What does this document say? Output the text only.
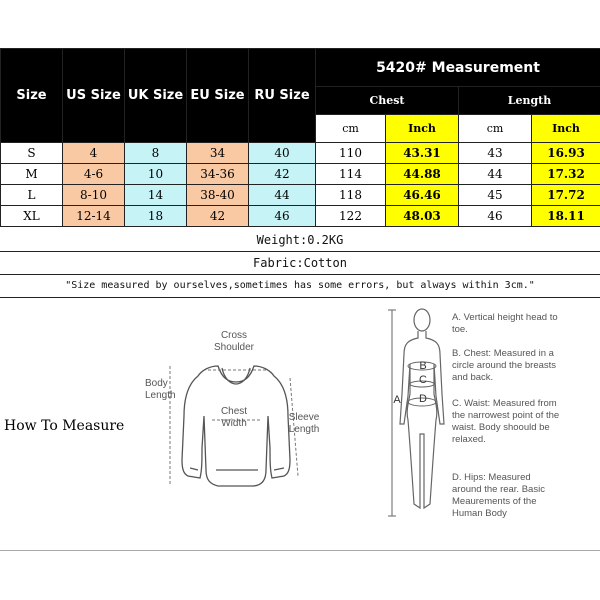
Size	US Size	UK Size	EU Size	RU Size	5420# Measurement			
					Chest		Length	
					cm	Inch	cm	Inch
S	4	8	34	40	110	43.31	43	16.93
M	4-6	10	34-36	42	114	44.88	44	17.32
L	8-10	14	38-40	44	118	46.46	45	17.72
XL	12-14	18	42	46	122	48.03	46	18.11
Weight:0.2KG
Fabric:Cotton
"Size measured by ourselves,sometimes has some errors, but always within 3cm."
How To Measure
Cross
Shoulder
Body
Length
Chest
Width
Sleeve
Length
A
B
C
D
A. Vertical height head to toe.
B. Chest: Measured in a circle around the breasts and back.
C. Waist: Measured from the narrowest point of the waist. Body shoould be relaxed.
D. Hips: Measured around the rear. Basic Meaurements of the Human Body
